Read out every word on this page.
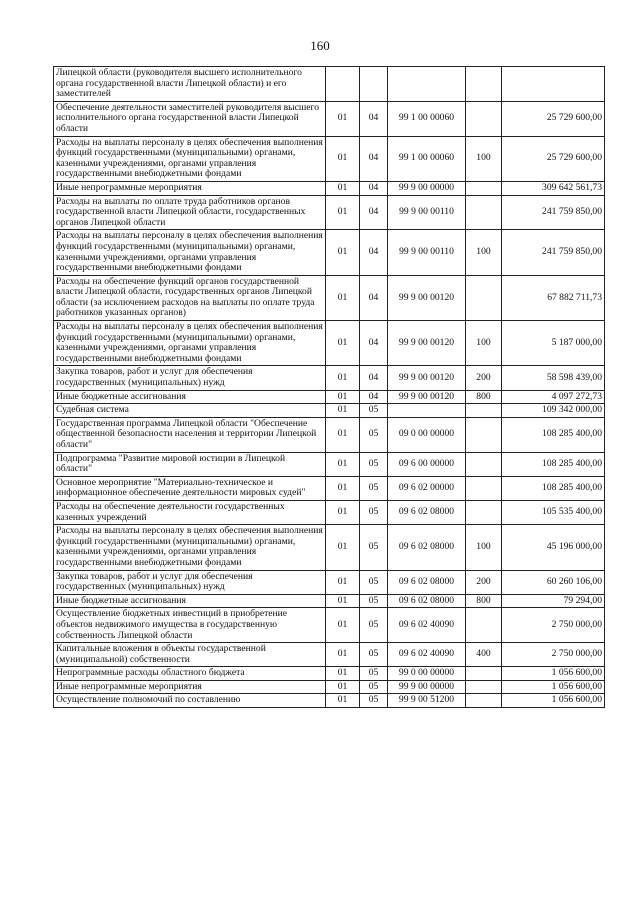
160
Липецкой области (руководителя высшего исполнительного органа государственной власти Липецкой области) и его заместителей					
Обеспечение деятельности заместителей руководителя высшего исполнительного органа государственной власти Липецкой области	01	04	99 1 00 00060		25 729 600,00
Расходы на выплаты персоналу в целях обеспечения выполнения функций государственными (муниципальными) органами, казенными учреждениями, органами управления государственными внебюджетными фондами	01	04	99 1 00 00060	100	25 729 600,00
Иные непрограммные мероприятия	01	04	99 9 00 00000		309 642 561,73
Расходы на выплаты по оплате труда работников органов государственной власти Липецкой области, государственных органов Липецкой области	01	04	99 9 00 00110		241 759 850,00
Расходы на выплаты персоналу в целях обеспечения выполнения функций государственными (муниципальными) органами, казенными учреждениями, органами управления государственными внебюджетными фондами	01	04	99 9 00 00110	100	241 759 850,00
Расходы на обеспечение функций органов государственной власти Липецкой области, государственных органов Липецкой области (за исключением расходов на выплаты по оплате труда работников указанных органов)	01	04	99 9 00 00120		67 882 711,73
Расходы на выплаты персоналу в целях обеспечения выполнения функций государственными (муниципальными) органами, казенными учреждениями, органами управления государственными внебюджетными фондами	01	04	99 9 00 00120	100	5 187 000,00
Закупка товаров, работ и услуг для обеспечения государственных (муниципальных) нужд	01	04	99 9 00 00120	200	58 598 439,00
Иные бюджетные ассигнования	01	04	99 9 00 00120	800	4 097 272,73
Судебная система	01	05			109 342 000,00
Государственная программа Липецкой области "Обеспечение общественной безопасности населения и территории Липецкой области"	01	05	09 0 00 00000		108 285 400,00
Подпрограмма "Развитие мировой юстиции в Липецкой области"	01	05	09 6 00 00000		108 285 400,00
Основное мероприятие "Материально-техническое и информационное обеспечение деятельности мировых судей"	01	05	09 6 02 00000		108 285 400,00
Расходы на обеспечение деятельности государственных казенных учреждений	01	05	09 6 02 08000		105 535 400,00
Расходы на выплаты персоналу в целях обеспечения выполнения функций государственными (муниципальными) органами, казенными учреждениями, органами управления государственными внебюджетными фондами	01	05	09 6 02 08000	100	45 196 000,00
Закупка товаров, работ и услуг для обеспечения государственных (муниципальных) нужд	01	05	09 6 02 08000	200	60 260 106,00
Иные бюджетные ассигнования	01	05	09 6 02 08000	800	79 294,00
Осуществление бюджетных инвестиций в приобретение объектов недвижимого имущества в государственную собственность Липецкой области	01	05	09 6 02 40090		2 750 000,00
Капитальные вложения в объекты государственной (муниципальной) собственности	01	05	09 6 02 40090	400	2 750 000,00
Непрограммные расходы областного бюджета	01	05	99 0 00 00000		1 056 600,00
Иные непрограммные мероприятия	01	05	99 9 00 00000		1 056 600,00
Осуществление полномочий по составлению	01	05	99 9 00 51200		1 056 600,00
